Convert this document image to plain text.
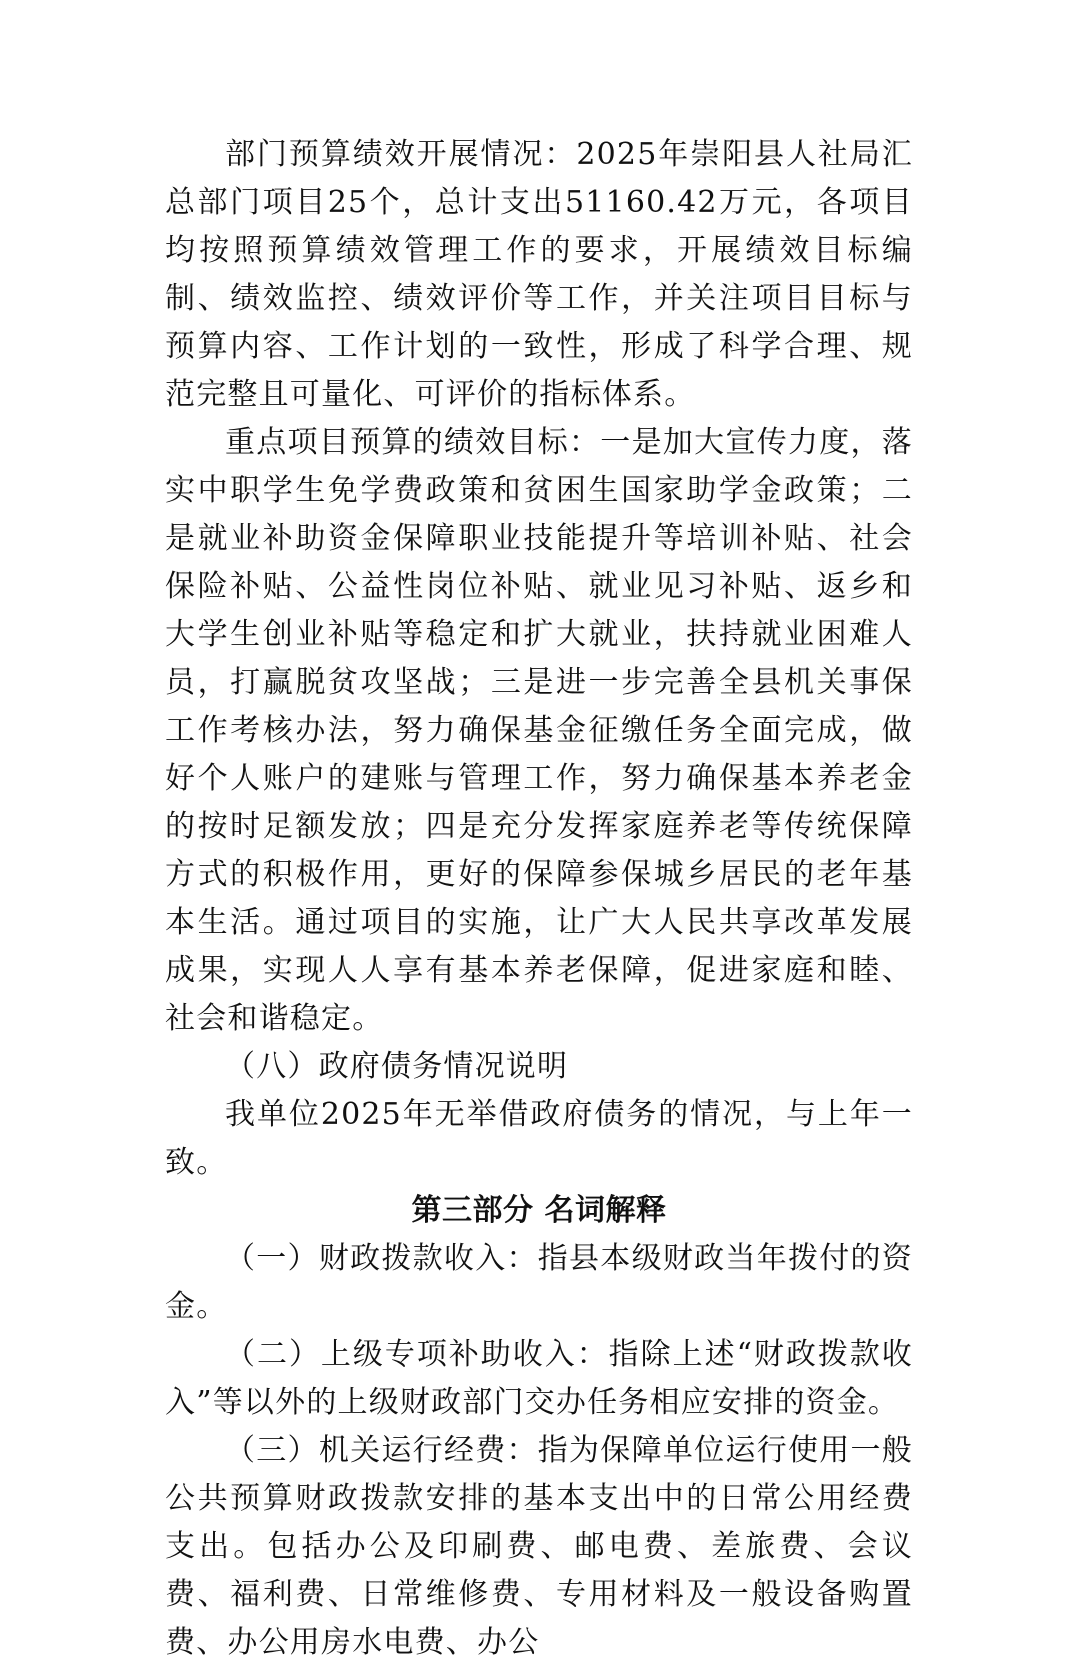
部门预算绩效开展情况：2025年崇阳县人社局汇总部门项目25个，总计支出51160.42万元，各项目均按照预算绩效管理工作的要求，开展绩效目标编制、绩效监控、绩效评价等工作，并关注项目目标与预算内容、工作计划的一致性，形成了科学合理、规范完整且可量化、可评价的指标体系。

重点项目预算的绩效目标：一是加大宣传力度，落实中职学生免学费政策和贫困生国家助学金政策；二是就业补助资金保障职业技能提升等培训补贴、社会保险补贴、公益性岗位补贴、就业见习补贴、返乡和大学生创业补贴等稳定和扩大就业，扶持就业困难人员，打赢脱贫攻坚战；三是进一步完善全县机关事保工作考核办法，努力确保基金征缴任务全面完成，做好个人账户的建账与管理工作，努力确保基本养老金的按时足额发放；四是充分发挥家庭养老等传统保障方式的积极作用，更好的保障参保城乡居民的老年基本生活。通过项目的实施，让广大人民共享改革发展成果，实现人人享有基本养老保障，促进家庭和睦、社会和谐稳定。

（八）政府债务情况说明

我单位2025年无举借政府债务的情况，与上年一致。

第三部分 名词解释

（一）财政拨款收入：指县本级财政当年拨付的资金。

（二）上级专项补助收入：指除上述“财政拨款收入”等以外的上级财政部门交办任务相应安排的资金。

（三）机关运行经费：指为保障单位运行使用一般公共预算财政拨款安排的基本支出中的日常公用经费支出。包括办公及印刷费、邮电费、差旅费、会议费、福利费、日常维修费、专用材料及一般设备购置费、办公用房水电费、办公
